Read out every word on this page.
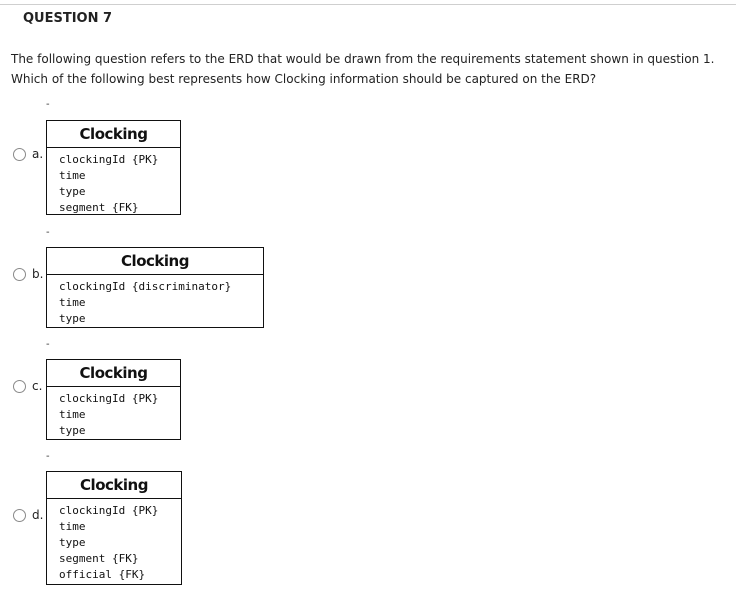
QUESTION 7
The following question refers to the ERD that would be drawn from the requirements statement shown in question 1.
Which of the following best represents how Clocking information should be captured on the ERD?
-
a.
Clocking
clockingId {PK}
time
type
segment {FK}
-
b.
Clocking
clockingId {discriminator}
time
type
-
c.
Clocking
clockingId {PK}
time
type
-
d.
Clocking
clockingId {PK}
time
type
segment {FK}
official {FK}
